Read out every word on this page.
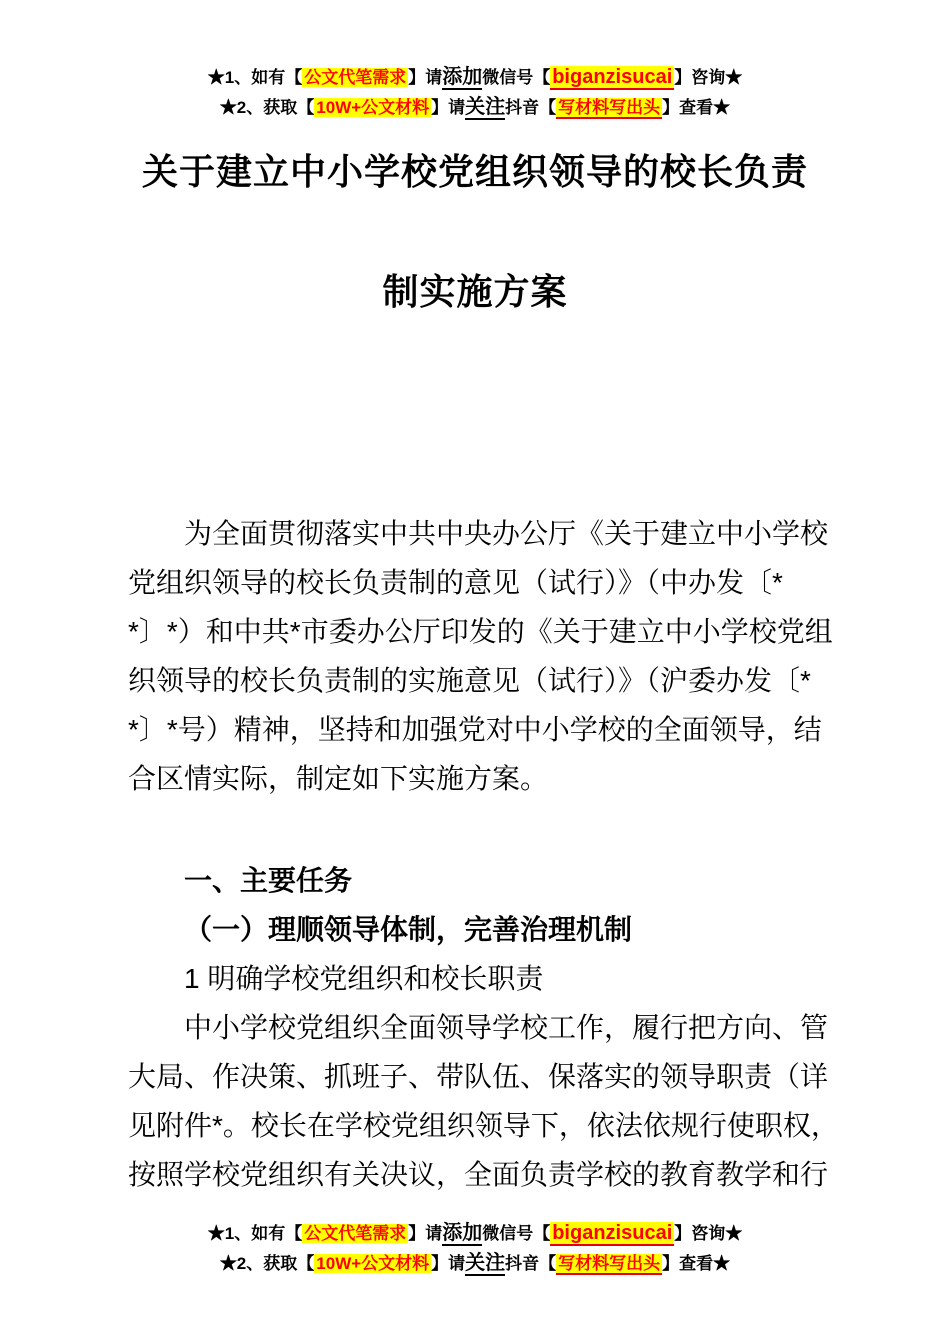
★1、如有【 公文代笔需求 】请添加微信号【 biganzisucai 】咨询★
★2、获取【 10W+公文材料 】请关注抖音【 写材料写出头 】查看★
关于建立中小学校党组织领导的校长负责
制实施方案
为全面贯彻落实中共中央办公厅《关于建立中小学校
党组织领导的校长负责制的意见（试行）》（中办发〔*
*〕*）和中共*市委办公厅印发的《关于建立中小学校党组
织领导的校长负责制的实施意见（试行）》（沪委办发〔*
*〕*号）精神，坚持和加强党对中小学校的全面领导，结
合区情实际，制定如下实施方案。
一、主要任务
（一）理顺领导体制，完善治理机制
1 明确学校党组织和校长职责
中小学校党组织全面领导学校工作，履行把方向、管
大局、作决策、抓班子、带队伍、保落实的领导职责（详
见附件*。校长在学校党组织领导下，依法依规行使职权，
按照学校党组织有关决议，全面负责学校的教育教学和行
★1、如有【 公文代笔需求 】请添加微信号【 biganzisucai 】咨询★
★2、获取【 10W+公文材料 】请关注抖音【 写材料写出头 】查看★
